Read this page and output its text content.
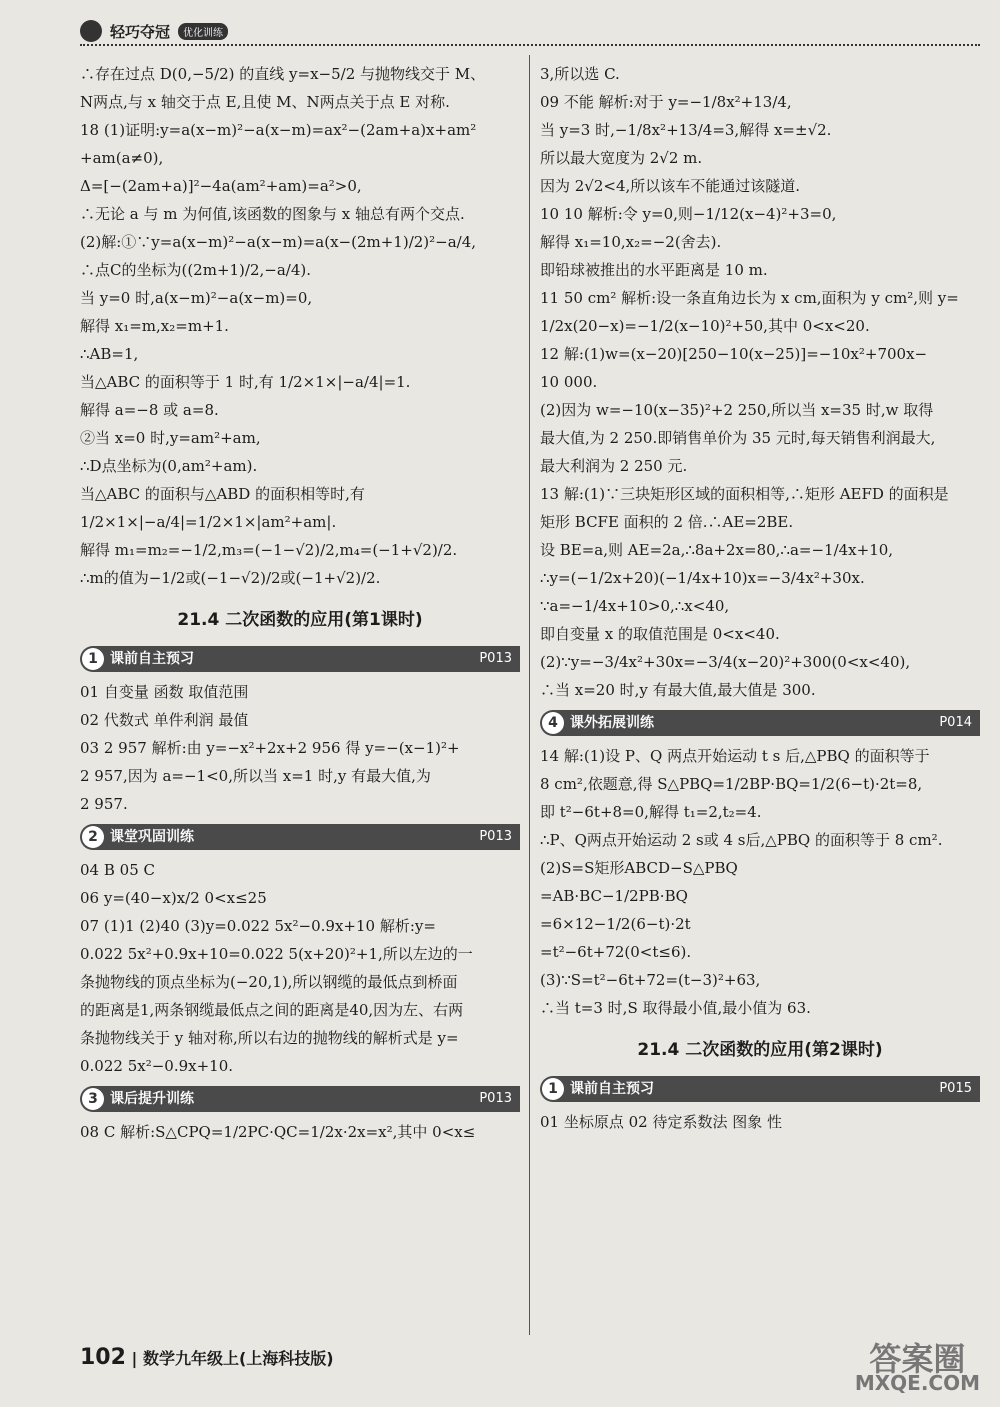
轻巧夺冠	优化训练
∴存在过点 D(0,−5/2) 的直线 y=x−5/2 与抛物线交于 M、
N两点,与 x 轴交于点 E,且使 M、N两点关于点 E 对称.
18 (1)证明:y=a(x−m)²−a(x−m)=ax²−(2am+a)x+am²
+am(a≠0),
Δ=[−(2am+a)]²−4a(am²+am)=a²>0,
∴无论 a 与 m 为何值,该函数的图象与 x 轴总有两个交点.
(2)解:①∵y=a(x−m)²−a(x−m)=a(x−(2m+1)/2)²−a/4,
∴点C的坐标为((2m+1)/2,−a/4).
当 y=0 时,a(x−m)²−a(x−m)=0,
解得 x₁=m,x₂=m+1.
∴AB=1,
当△ABC 的面积等于 1 时,有 1/2×1×|−a/4|=1.
解得 a=−8 或 a=8.
②当 x=0 时,y=am²+am,
∴D点坐标为(0,am²+am).
当△ABC 的面积与△ABD 的面积相等时,有
1/2×1×|−a/4|=1/2×1×|am²+am|.
解得 m₁=m₂=−1/2,m₃=(−1−√2)/2,m₄=(−1+√2)/2.
∴m的值为−1/2或(−1−√2)/2或(−1+√2)/2.
21.4 二次函数的应用(第1课时)
1 课前自主预习	P013
01 自变量 函数 取值范围
02 代数式 单件利润 最值
03 2 957 解析:由 y=−x²+2x+2 956 得 y=−(x−1)²+
2 957,因为 a=−1<0,所以当 x=1 时,y 有最大值,为
2 957.
2 课堂巩固训练	P013
04 B 05 C
06 y=(40−x)x/2 0<x≤25
07 (1)1 (2)40 (3)y=0.022 5x²−0.9x+10 解析:y=
0.022 5x²+0.9x+10=0.022 5(x+20)²+1,所以左边的一
条抛物线的顶点坐标为(−20,1),所以钢缆的最低点到桥面
的距离是1,两条钢缆最低点之间的距离是40,因为左、右两
条抛物线关于 y 轴对称,所以右边的抛物线的解析式是 y=
0.022 5x²−0.9x+10.
3 课后提升训练	P013
08 C 解析:S△CPQ=1/2PC·QC=1/2x·2x=x²,其中 0<x≤
3,所以选 C.
09 不能 解析:对于 y=−1/8x²+13/4,
当 y=3 时,−1/8x²+13/4=3,解得 x=±√2.
所以最大宽度为 2√2 m.
因为 2√2<4,所以该车不能通过该隧道.
10 10 解析:令 y=0,则−1/12(x−4)²+3=0,
解得 x₁=10,x₂=−2(舍去).
即铅球被推出的水平距离是 10 m.
11 50 cm² 解析:设一条直角边长为 x cm,面积为 y cm²,则 y=
1/2x(20−x)=−1/2(x−10)²+50,其中 0<x<20.
12 解:(1)w=(x−20)[250−10(x−25)]=−10x²+700x−
10 000.
(2)因为 w=−10(x−35)²+2 250,所以当 x=35 时,w 取得
最大值,为 2 250.即销售单价为 35 元时,每天销售利润最大,
最大利润为 2 250 元.
13 解:(1)∵三块矩形区域的面积相等,∴矩形 AEFD 的面积是
矩形 BCFE 面积的 2 倍.∴AE=2BE.
设 BE=a,则 AE=2a,∴8a+2x=80,∴a=−1/4x+10,
∴y=(−1/2x+20)(−1/4x+10)x=−3/4x²+30x.
∵a=−1/4x+10>0,∴x<40,
即自变量 x 的取值范围是 0<x<40.
(2)∵y=−3/4x²+30x=−3/4(x−20)²+300(0<x<40),
∴当 x=20 时,y 有最大值,最大值是 300.
4 课外拓展训练	P014
14 解:(1)设 P、Q 两点开始运动 t s 后,△PBQ 的面积等于
8 cm²,依题意,得 S△PBQ=1/2BP·BQ=1/2(6−t)·2t=8,
即 t²−6t+8=0,解得 t₁=2,t₂=4.
∴P、Q两点开始运动 2 s或 4 s后,△PBQ 的面积等于 8 cm².
(2)S=S矩形ABCD−S△PBQ
=AB·BC−1/2PB·BQ
=6×12−1/2(6−t)·2t
=t²−6t+72(0<t≤6).
(3)∵S=t²−6t+72=(t−3)²+63,
∴当 t=3 时,S 取得最小值,最小值为 63.
21.4 二次函数的应用(第2课时)
1 课前自主预习	P015
01 坐标原点 02 待定系数法 图象 性
102 | 数学九年级上(上海科技版)	答案圈
MXQE.COM
